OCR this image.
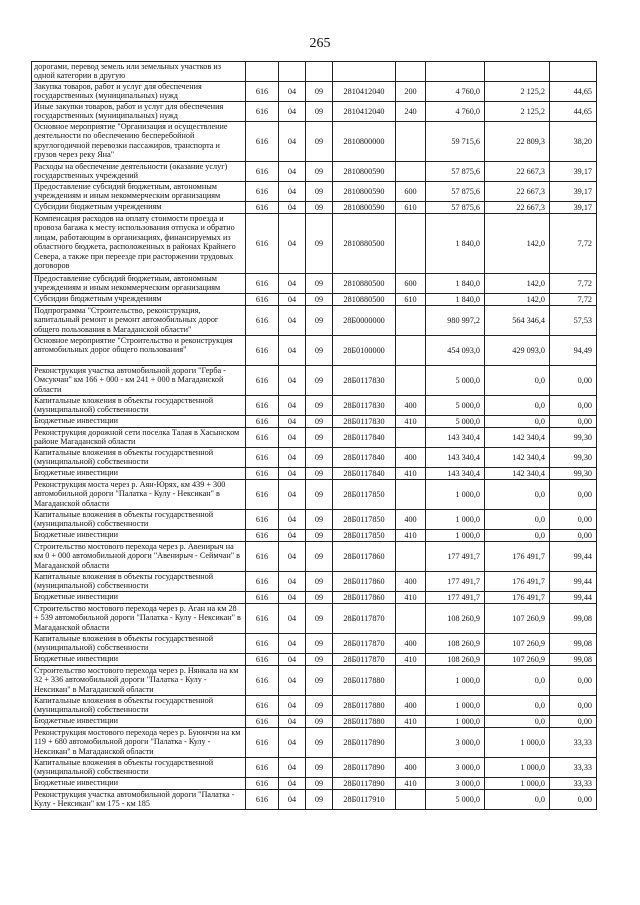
265
дорогами, перевод земель или земельных участков из одной категории в другую								
Закупка товаров, работ и услуг для обеспечения государственных (муниципальных) нужд	616	04	09	2810412040	200	4 760,0	2 125,2	44,65
Иные закупки товаров, работ и услуг для обеспечения государственных (муниципальных) нужд	616	04	09	2810412040	240	4 760,0	2 125,2	44,65
Основное мероприятие "Организация и осуществление деятельности по обеспечению бесперебойной круглогодичной перевозки пассажиров, транспорта и грузов через реку Яна"	616	04	09	2810800000		59 715,6	22 809,3	38,20
Расходы на обеспечение деятельности (оказание услуг) государственных учреждений	616	04	09	2810800590		57 875,6	22 667,3	39,17
Предоставление субсидий бюджетным, автономным учреждениям и иным некоммерческим организациям	616	04	09	2810800590	600	57 875,6	22 667,3	39,17
Субсидии бюджетным учреждениям	616	04	09	2810800590	610	57 875,6	22 667,3	39,17
Компенсация расходов на оплату стоимости проезда и провоза багажа к месту использования отпуска и обратно лицам, работающим в организациях, финансируемых из областного бюджета, расположенных в районах Крайнего Севера, а также при переезде при расторжении трудовых договоров	616	04	09	2810880500		1 840,0	142,0	7,72
Предоставление субсидий бюджетным, автономным учреждениям и иным некоммерческим организациям	616	04	09	2810880500	600	1 840,0	142,0	7,72
Субсидии бюджетным учреждениям	616	04	09	2810880500	610	1 840,0	142,0	7,72
Подпрограмма "Строительство, реконструкция, капитальный ремонт и ремонт автомобильных дорог общего пользования в Магаданской области"	616	04	09	28Б0000000		980 997,2	564 346,4	57,53
Основное мероприятие "Строительство и реконструкция автомобильных дорог общего пользования"	616	04	09	28Б0100000		454 093,0	429 093,0	94,49
Реконструкция участка автомобильной дороги "Герба - Омсукчан" км 166 + 000 - км 241 + 000 в Магаданской области	616	04	09	28Б0117830		5 000,0	0,0	0,00
Капитальные вложения в объекты государственной (муниципальной) собственности	616	04	09	28Б0117830	400	5 000,0	0,0	0,00
Бюджетные инвестиции	616	04	09	28Б0117830	410	5 000,0	0,0	0,00
Реконструкция дорожной сети поселка Талая в Хасынском районе Магаданской области	616	04	09	28Б0117840		143 340,4	142 340,4	99,30
Капитальные вложения в объекты государственной (муниципальной) собственности	616	04	09	28Б0117840	400	143 340,4	142 340,4	99,30
Бюджетные инвестиции	616	04	09	28Б0117840	410	143 340,4	142 340,4	99,30
Реконструкция моста через р. Аян-Юрях, км 439 + 300 автомобильной дороги "Палатка - Кулу - Нексикан" в Магаданской области	616	04	09	28Б0117850		1 000,0	0,0	0,00
Капитальные вложения в объекты государственной (муниципальной) собственности	616	04	09	28Б0117850	400	1 000,0	0,0	0,00
Бюджетные инвестиции	616	04	09	28Б0117850	410	1 000,0	0,0	0,00
Строительство мостового перехода через р. Авенирыч на км 0 + 000 автомобильной дороги "Авенирыч - Сеймчан" в Магаданской области	616	04	09	28Б0117860		177 491,7	176 491,7	99,44
Капитальные вложения в объекты государственной (муниципальной) собственности	616	04	09	28Б0117860	400	177 491,7	176 491,7	99,44
Бюджетные инвестиции	616	04	09	28Б0117860	410	177 491,7	176 491,7	99,44
Строительство мостового перехода через р. Аган на км 28 + 539 автомобильной дороги "Палатка - Кулу - Нексикан" в Магаданской области	616	04	09	28Б0117870		108 260,9	107 260,9	99,08
Капитальные вложения в объекты государственной (муниципальной) собственности	616	04	09	28Б0117870	400	108 260,9	107 260,9	99,08
Бюджетные инвестиции	616	04	09	28Б0117870	410	108 260,9	107 260,9	99,08
Строительство мостового перехода через р. Нянкала на км 32 + 336 автомобильной дороги "Палатка - Кулу - Нексикан" в Магаданской области	616	04	09	28Б0117880		1 000,0	0,0	0,00
Капитальные вложения в объекты государственной (муниципальной) собственности	616	04	09	28Б0117880	400	1 000,0	0,0	0,00
Бюджетные инвестиции	616	04	09	28Б0117880	410	1 000,0	0,0	0,00
Реконструкция мостового перехода через р. Буюнчэн на км 119 + 680 автомобильной дороги "Палатка - Кулу - Нексикан" в Магаданской области	616	04	09	28Б0117890		3 000,0	1 000,0	33,33
Капитальные вложения в объекты государственной (муниципальной) собственности	616	04	09	28Б0117890	400	3 000,0	1 000,0	33,33
Бюджетные инвестиции	616	04	09	28Б0117890	410	3 000,0	1 000,0	33,33
Реконструкция участка автомобильной дороги "Палатка - Кулу - Нексикан" км 175 - км 185	616	04	09	28Б0117910		5 000,0	0,0	0,00
